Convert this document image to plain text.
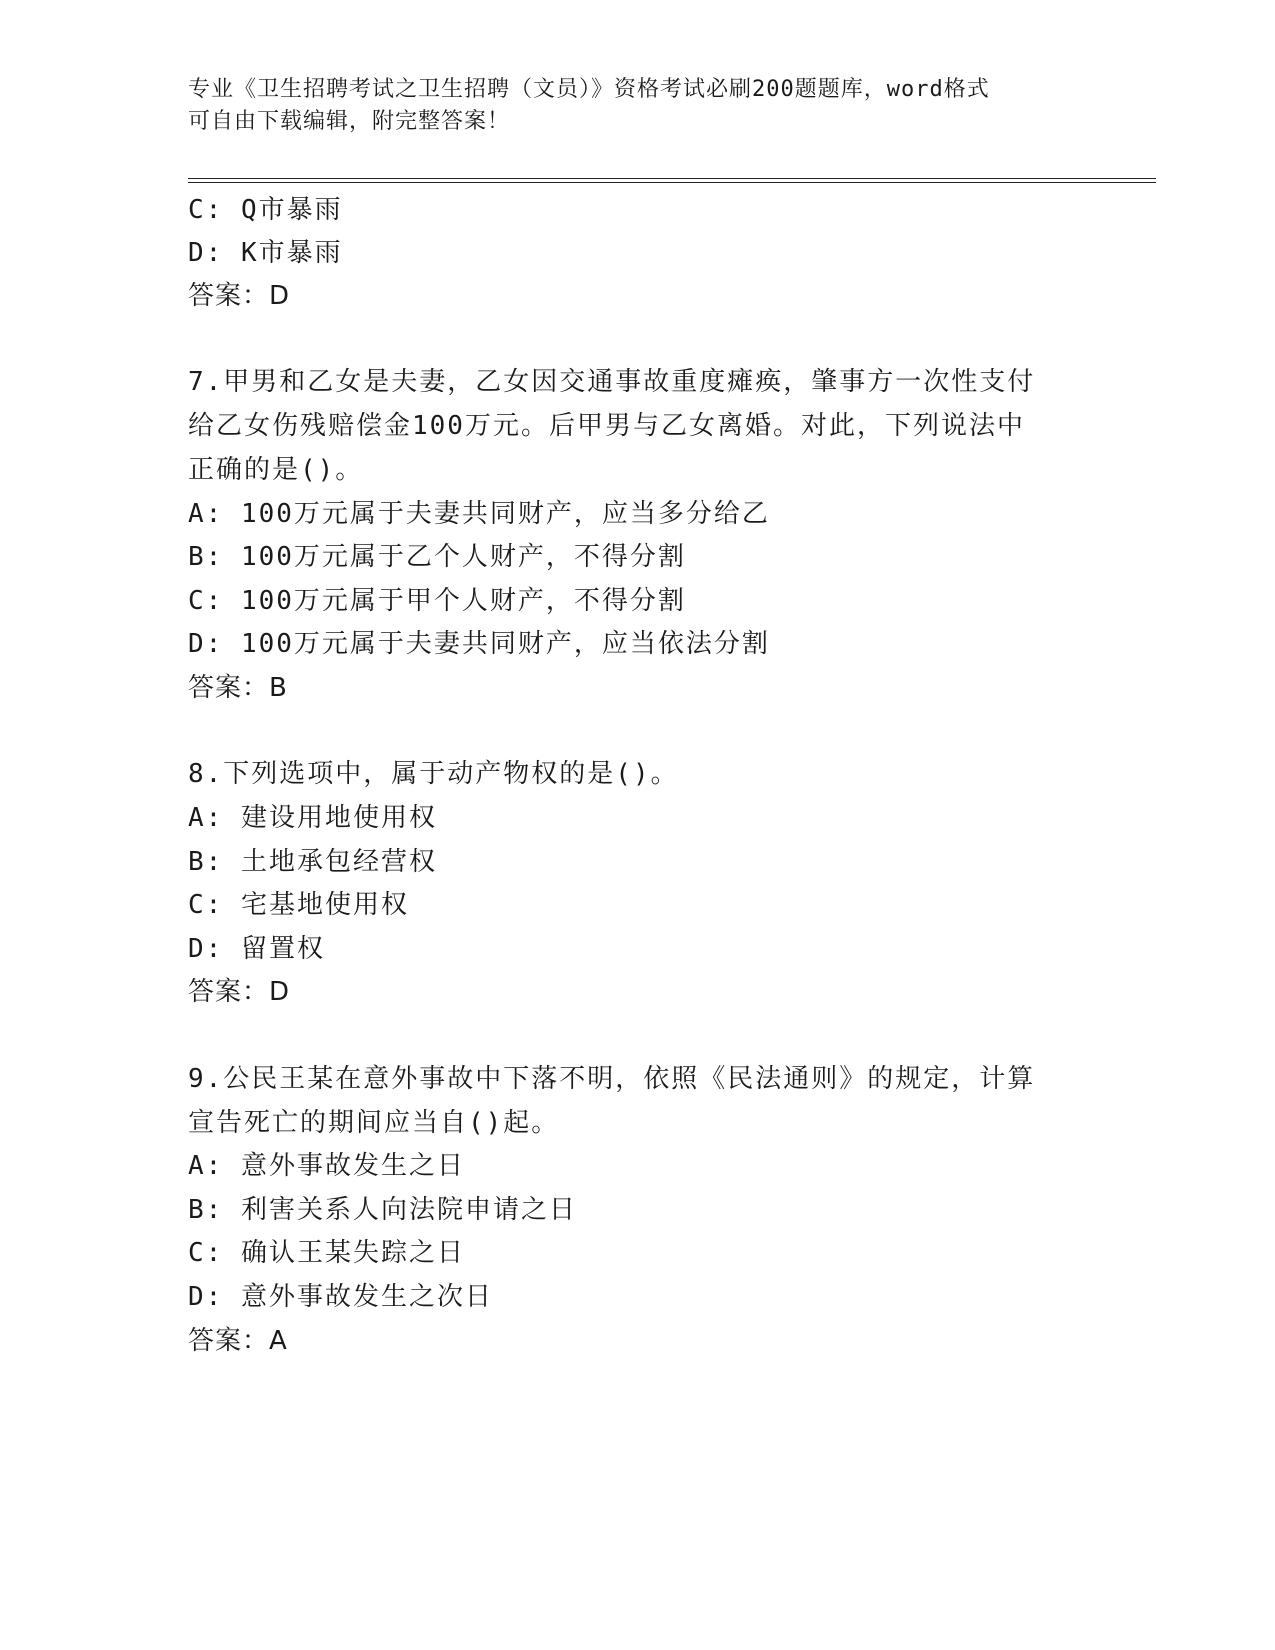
专业《卫生招聘考试之卫生招聘（文员）》资格考试必刷200题题库，word格式
可自由下载编辑，附完整答案！
C: Q市暴雨
D: K市暴雨
答案：D
7.甲男和乙女是夫妻，乙女因交通事故重度瘫痪，肇事方一次性支付
给乙女伤残赔偿金100万元。后甲男与乙女离婚。对此，下列说法中
正确的是()。
A: 100万元属于夫妻共同财产，应当多分给乙
B: 100万元属于乙个人财产，不得分割
C: 100万元属于甲个人财产，不得分割
D: 100万元属于夫妻共同财产，应当依法分割
答案：B
8.下列选项中，属于动产物权的是()。
A: 建设用地使用权
B: 土地承包经营权
C: 宅基地使用权
D: 留置权
答案：D
9.公民王某在意外事故中下落不明，依照《民法通则》的规定，计算
宣告死亡的期间应当自()起。
A: 意外事故发生之日
B: 利害关系人向法院申请之日
C: 确认王某失踪之日
D: 意外事故发生之次日
答案：A
